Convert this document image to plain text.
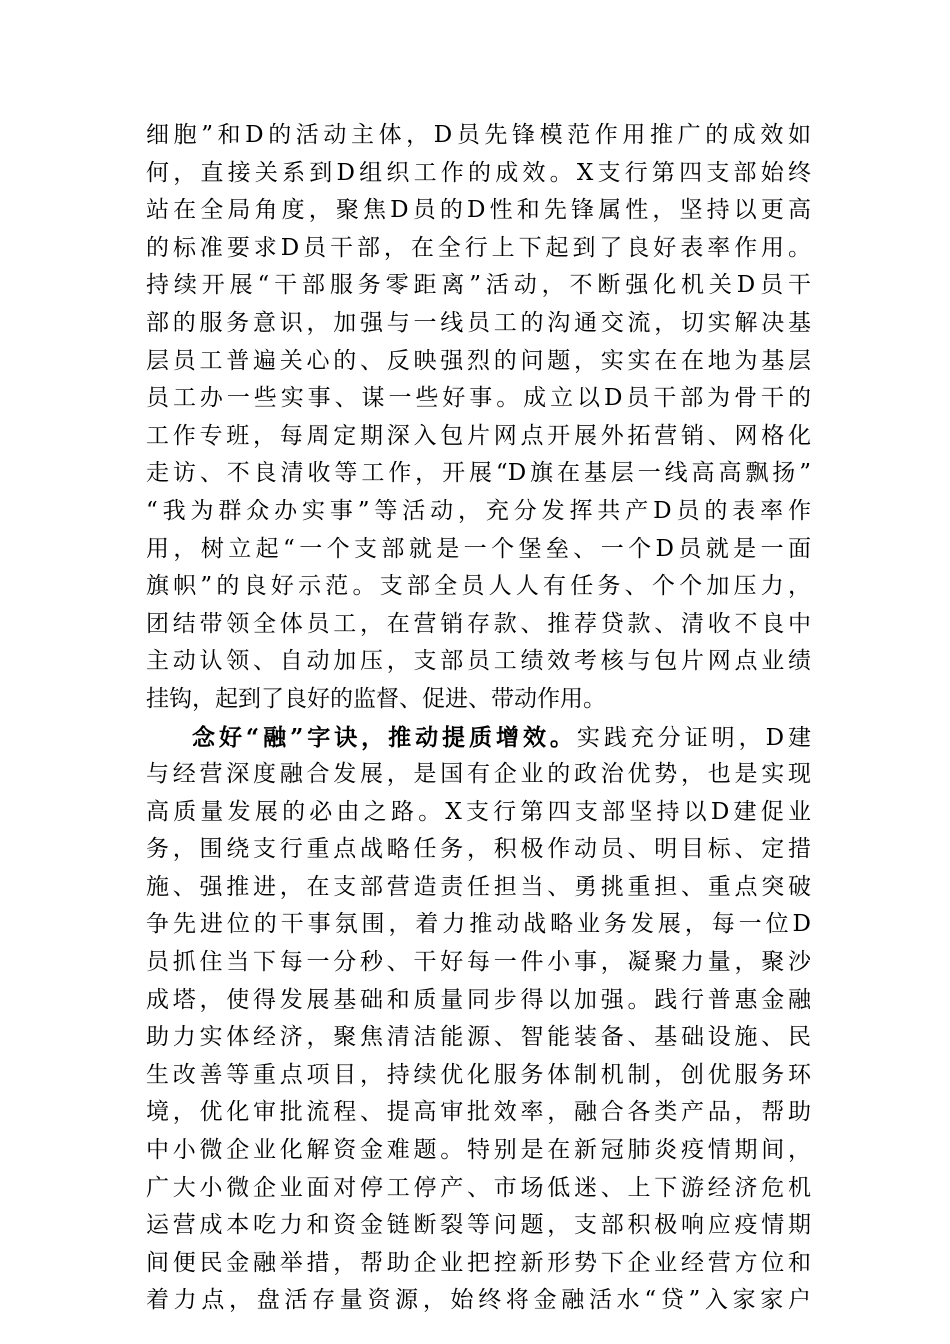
细胞”和D的活动主体，D员先锋模范作用推广的成效如
何，直接关系到D组织工作的成效。X支行第四支部始终
站在全局角度，聚焦D员的D性和先锋属性，坚持以更高
的标准要求D员干部，在全行上下起到了良好表率作用。
持续开展“干部服务零距离”活动，不断强化机关D员干
部的服务意识，加强与一线员工的沟通交流，切实解决基
层员工普遍关心的、反映强烈的问题，实实在在地为基层
员工办一些实事、谋一些好事。成立以D员干部为骨干的
工作专班，每周定期深入包片网点开展外拓营销、网格化
走访、不良清收等工作，开展“D旗在基层一线高高飘扬”
“我为群众办实事”等活动，充分发挥共产D员的表率作
用，树立起“一个支部就是一个堡垒、一个D员就是一面
旗帜”的良好示范。支部全员人人有任务、个个加压力，
团结带领全体员工，在营销存款、推荐贷款、清收不良中
主动认领、自动加压，支部员工绩效考核与包片网点业绩
挂钩，起到了良好的监督、促进、带动作用。
念好“融”字诀，推动提质增效。实践充分证明，D建
与经营深度融合发展，是国有企业的政治优势，也是实现
高质量发展的必由之路。X支行第四支部坚持以D建促业
务，围绕支行重点战略任务，积极作动员、明目标、定措
施、强推进，在支部营造责任担当、勇挑重担、重点突破
争先进位的干事氛围，着力推动战略业务发展，每一位D
员抓住当下每一分秒、干好每一件小事，凝聚力量，聚沙
成塔，使得发展基础和质量同步得以加强。践行普惠金融
助力实体经济，聚焦清洁能源、智能装备、基础设施、民
生改善等重点项目，持续优化服务体制机制，创优服务环
境，优化审批流程、提高审批效率，融合各类产品，帮助
中小微企业化解资金难题。特别是在新冠肺炎疫情期间，
广大小微企业面对停工停产、市场低迷、上下游经济危机
运营成本吃力和资金链断裂等问题，支部积极响应疫情期
间便民金融举措，帮助企业把控新形势下企业经营方位和
着力点，盘活存量资源，始终将金融活水“贷”入家家户
